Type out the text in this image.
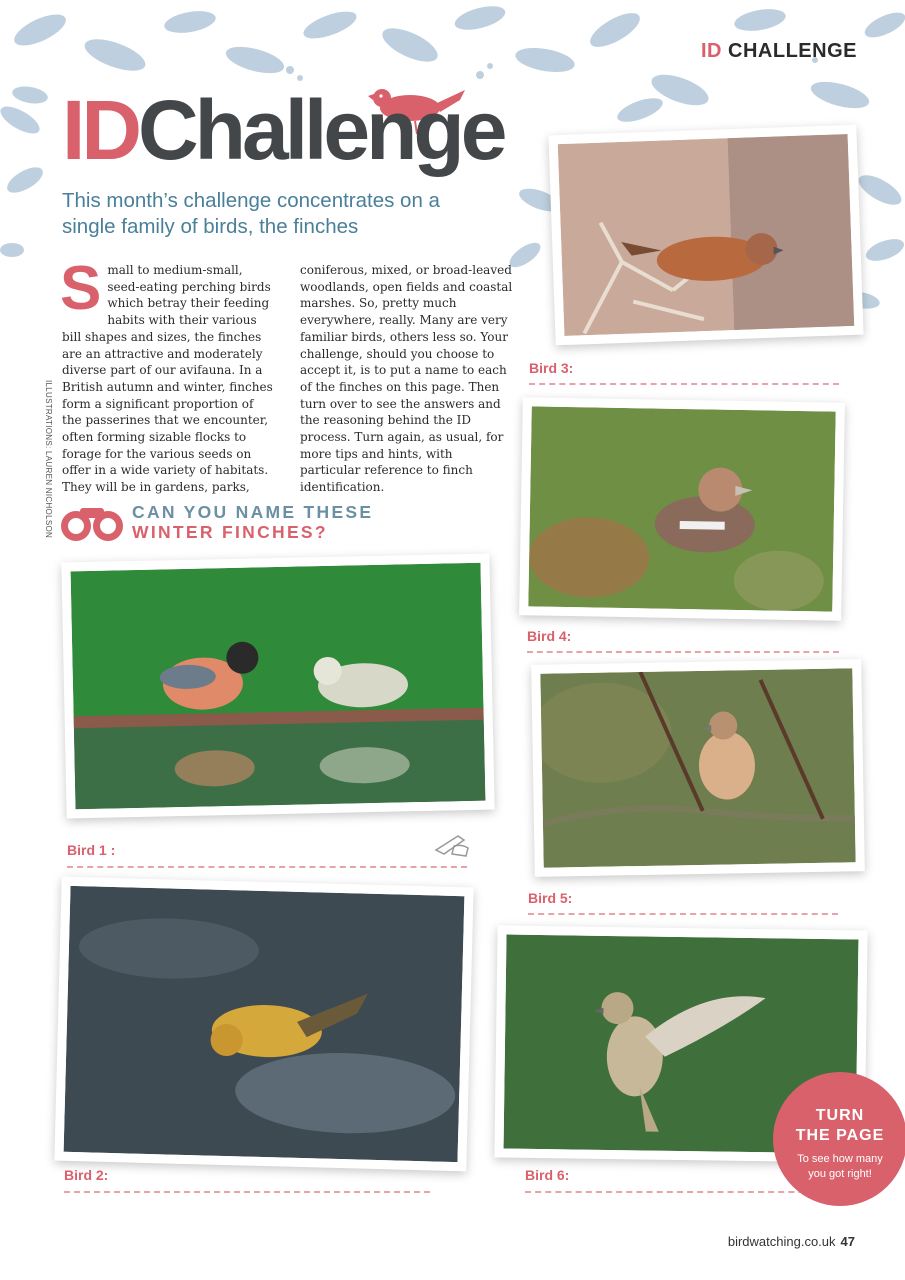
ID CHALLENGE
IDChallenge
This month’s challenge concentrates on a single family of birds, the finches
ILLUSTRATIONS: LAUREN NICHOLSON
Small to medium-small, seed-eating perching birds which betray their feeding habits with their various bill shapes and sizes, the finches are an attractive and moderately diverse part of our avifauna. In a British autumn and winter, finches form a significant proportion of the passerines that we encounter, often forming sizable flocks to forage for the various seeds on offer in a wide variety of habitats. They will be in gardens, parks, coniferous, mixed, or broad-leaved woodlands, open fields and coastal marshes. So, pretty much everywhere, really. Many are very familiar birds, others less so. Your challenge, should you choose to accept it, is to put a name to each of the finches on this page. Then turn over to see the answers and the reasoning behind the ID process. Turn again, as usual, for more tips and hints, with particular reference to finch identification.
CAN YOU NAME THESE
WINTER FINCHES?
Bird 3:
Bird 4:
Bird 5:
Bird 1 :
Bird 2:	Bird 6:
TURN
THE PAGE
To see how many
you got right!
birdwatching.co.uk 47
